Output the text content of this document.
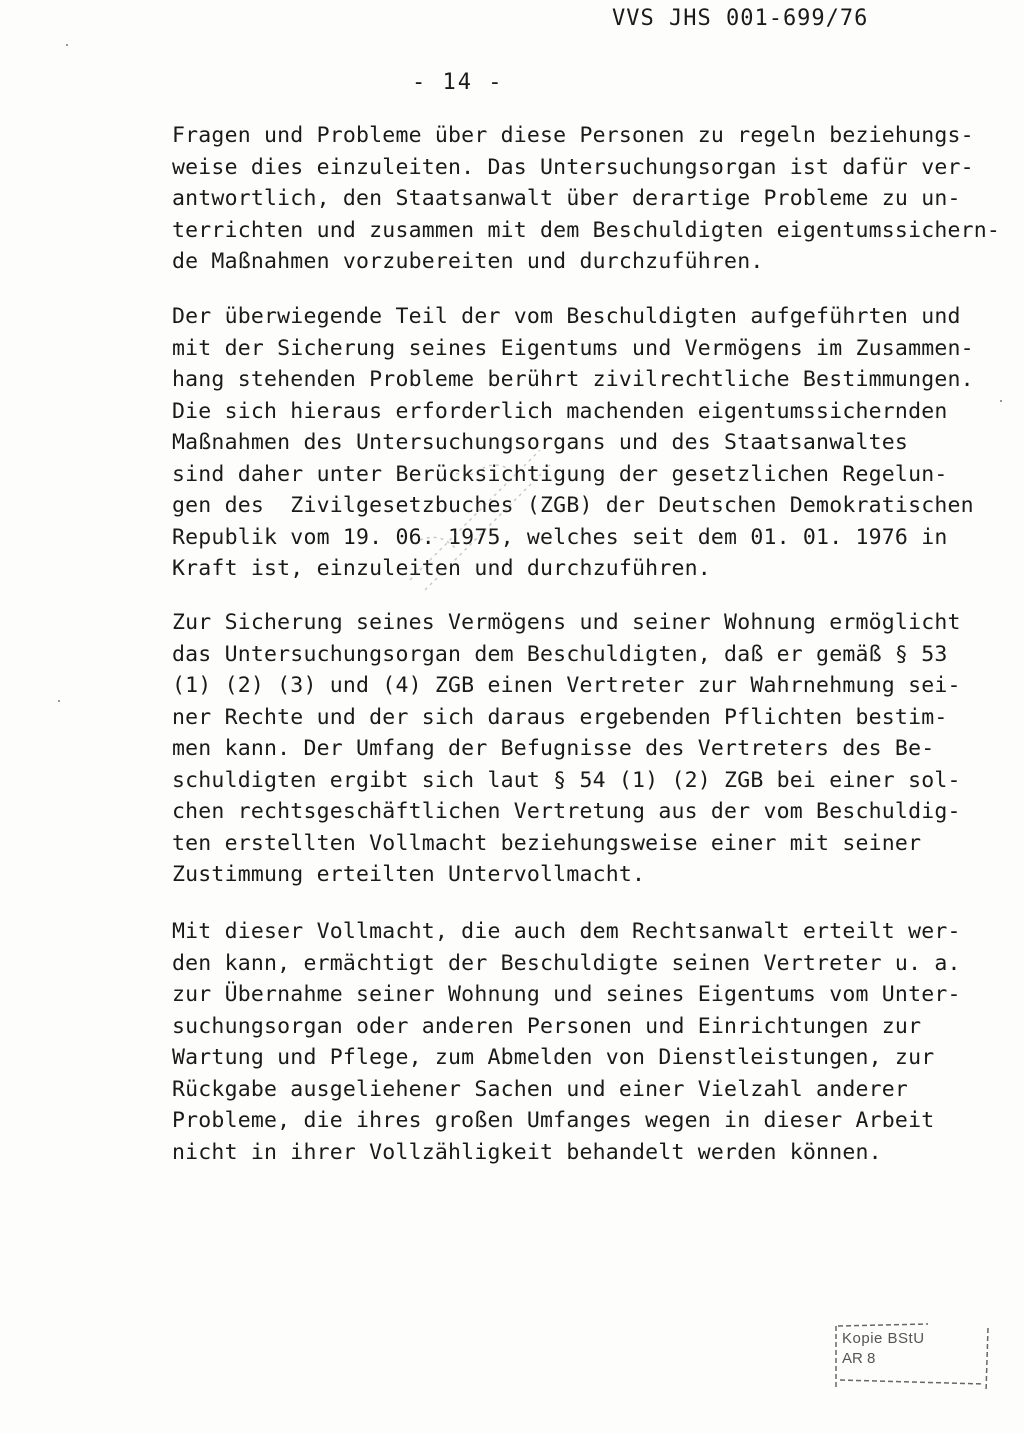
VVS JHS 001-699/76
- 14 -
Fragen und Probleme über diese Personen zu regeln beziehungs-
weise dies einzuleiten. Das Untersuchungsorgan ist dafür ver-
antwortlich, den Staatsanwalt über derartige Probleme zu un-
terrichten und zusammen mit dem Beschuldigten eigentumssichern-
de Maßnahmen vorzubereiten und durchzuführen.
Der überwiegende Teil der vom Beschuldigten aufgeführten und
mit der Sicherung seines Eigentums und Vermögens im Zusammen-
hang stehenden Probleme berührt zivilrechtliche Bestimmungen.
Die sich hieraus erforderlich machenden eigentumssichernden
Maßnahmen des Untersuchungsorgans und des Staatsanwaltes
sind daher unter Berücksichtigung der gesetzlichen Regelun-
gen des  Zivilgesetzbuches (ZGB) der Deutschen Demokratischen
Republik vom 19. 06. 1975, welches seit dem 01. 01. 1976 in
Kraft ist, einzuleiten und durchzuführen.
Zur Sicherung seines Vermögens und seiner Wohnung ermöglicht
das Untersuchungsorgan dem Beschuldigten, daß er gemäß § 53
(1) (2) (3) und (4) ZGB einen Vertreter zur Wahrnehmung sei-
ner Rechte und der sich daraus ergebenden Pflichten bestim-
men kann. Der Umfang der Befugnisse des Vertreters des Be-
schuldigten ergibt sich laut § 54 (1) (2) ZGB bei einer sol-
chen rechtsgeschäftlichen Vertretung aus der vom Beschuldig-
ten erstellten Vollmacht beziehungsweise einer mit seiner
Zustimmung erteilten Untervollmacht.
Mit dieser Vollmacht, die auch dem Rechtsanwalt erteilt wer-
den kann, ermächtigt der Beschuldigte seinen Vertreter u. a.
zur Übernahme seiner Wohnung und seines Eigentums vom Unter-
suchungsorgan oder anderen Personen und Einrichtungen zur
Wartung und Pflege, zum Abmelden von Dienstleistungen, zur
Rückgabe ausgeliehener Sachen und einer Vielzahl anderer
Probleme, die ihres großen Umfanges wegen in dieser Arbeit
nicht in ihrer Vollzähligkeit behandelt werden können.
Kopie BStU
AR 8
